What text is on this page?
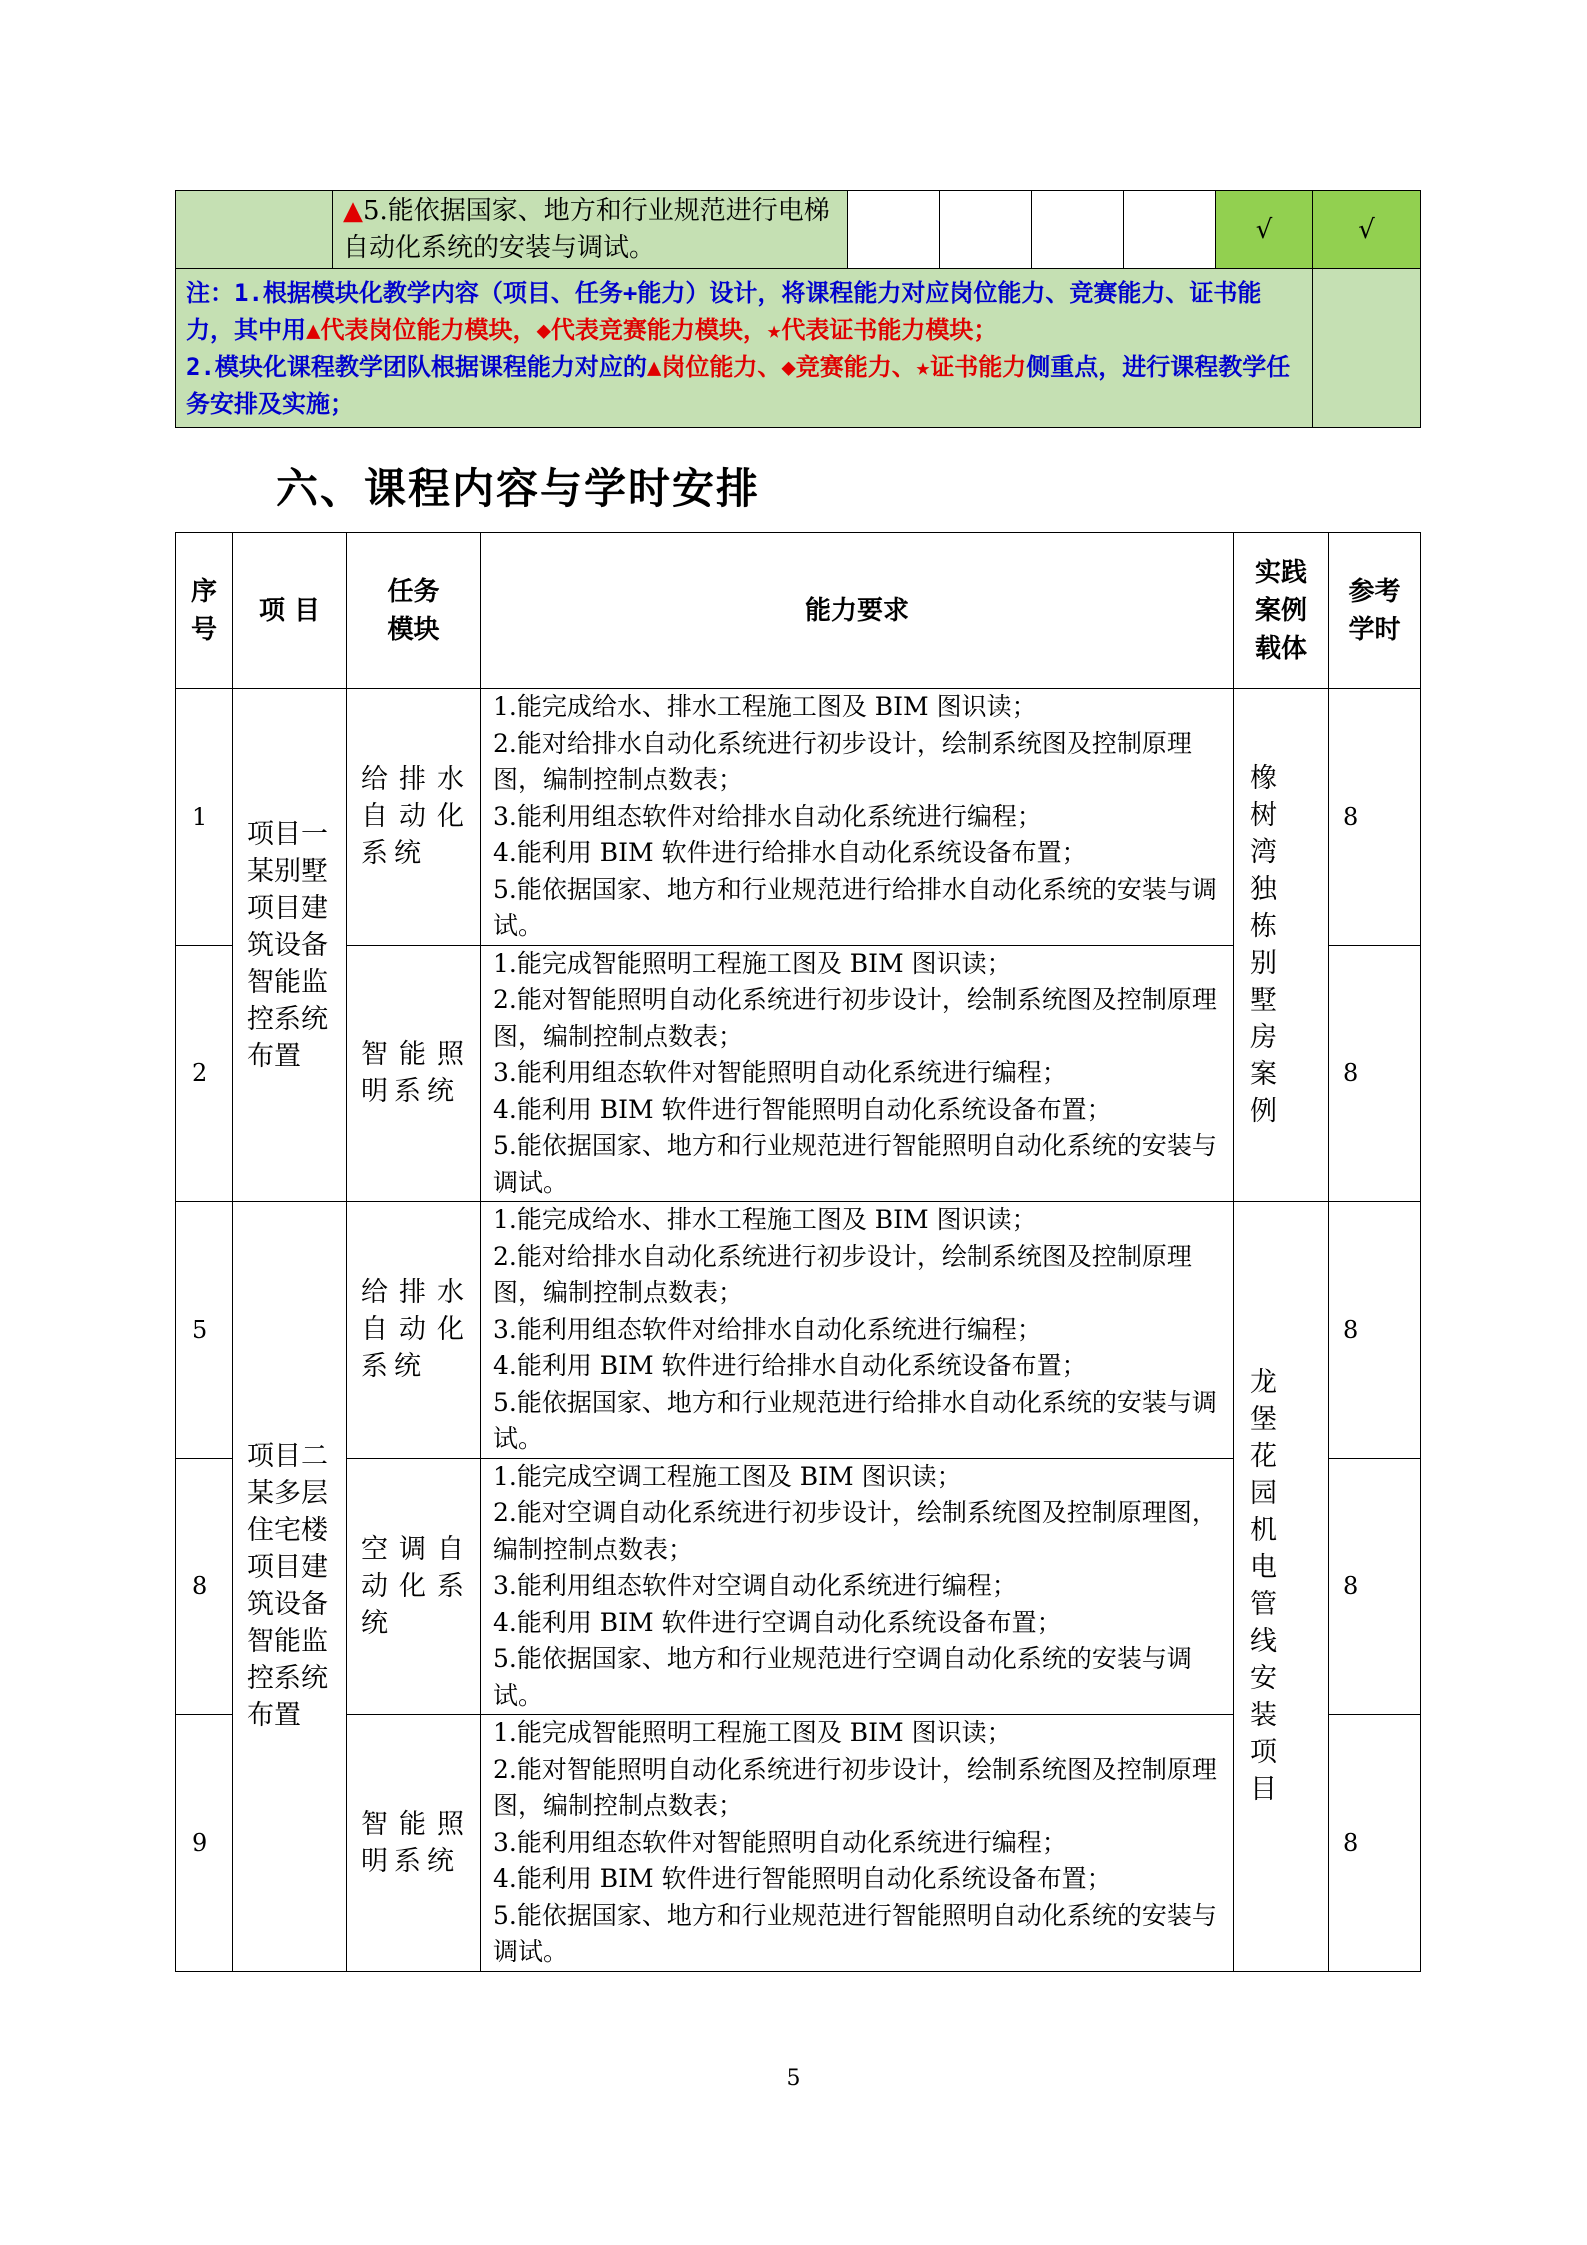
	▲5.能依据国家、地方和行业规范进行电梯自动化系统的安装与调试。					√	√
注：1.根据模块化教学内容（项目、任务+能力）设计，将课程能力对应岗位能力、竞赛能力、证书能力，其中用▲代表岗位能力模块，◆代表竞赛能力模块，★代表证书能力模块；
2.模块化课程教学团队根据课程能力对应的▲岗位能力、◆竞赛能力、★证书能力侧重点，进行课程教学任务安排及实施；							
六、课程内容与学时安排
序号	项 目	任务模块	能力要求	实践案例载体	参考学时
1	项目一某别墅项目建筑设备智能监控系统布置	给排水自动化系统	1.能完成给水、排水工程施工图及 BIM 图识读；
2.能对给排水自动化系统进行初步设计，绘制系统图及控制原理图，编制控制点数表；
3.能利用组态软件对给排水自动化系统进行编程；
4.能利用 BIM 软件进行给排水自动化系统设备布置；
5.能依据国家、地方和行业规范进行给排水自动化系统的安装与调试。	橡树湾独栋别墅房案例	8
2		智能照明系统	1.能完成智能照明工程施工图及 BIM 图识读；
2.能对智能照明自动化系统进行初步设计，绘制系统图及控制原理图，编制控制点数表；
3.能利用组态软件对智能照明自动化系统进行编程；
4.能利用 BIM 软件进行智能照明自动化系统设备布置；
5.能依据国家、地方和行业规范进行智能照明自动化系统的安装与调试。		8
5	项目二某多层住宅楼项目建筑设备智能监控系统布置	给排水自动化系统	1.能完成给水、排水工程施工图及 BIM 图识读；
2.能对给排水自动化系统进行初步设计，绘制系统图及控制原理图，编制控制点数表；
3.能利用组态软件对给排水自动化系统进行编程；
4.能利用 BIM 软件进行给排水自动化系统设备布置；
5.能依据国家、地方和行业规范进行给排水自动化系统的安装与调试。	龙堡花园机电管线安装项目	8
8		空调自动化系统	1.能完成空调工程施工图及 BIM 图识读；
2.能对空调自动化系统进行初步设计，绘制系统图及控制原理图，编制控制点数表；
3.能利用组态软件对空调自动化系统进行编程；
4.能利用 BIM 软件进行空调自动化系统设备布置；
5.能依据国家、地方和行业规范进行空调自动化系统的安装与调试。		8
9		智能照明系统	1.能完成智能照明工程施工图及 BIM 图识读；
2.能对智能照明自动化系统进行初步设计，绘制系统图及控制原理图，编制控制点数表；
3.能利用组态软件对智能照明自动化系统进行编程；
4.能利用 BIM 软件进行智能照明自动化系统设备布置；
5.能依据国家、地方和行业规范进行智能照明自动化系统的安装与调试。		8
5
